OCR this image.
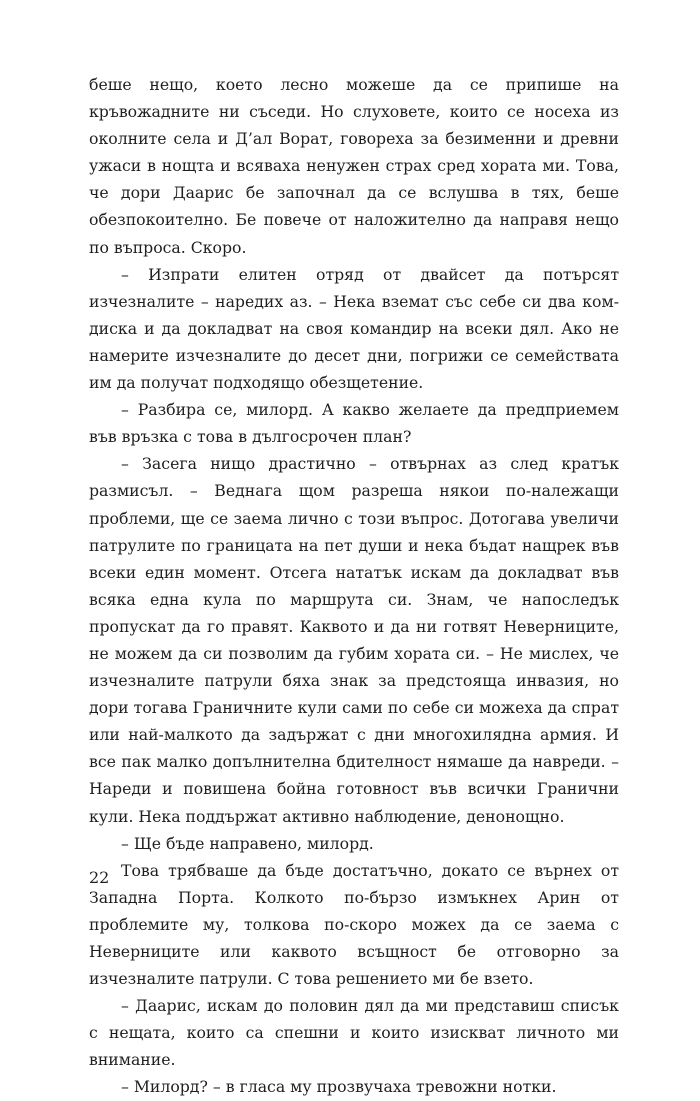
беше нещо, което лесно можеше да се припише на кръвожадните ни съседи. Но слуховете, които се носеха из околните села и Д’ал Ворат, говореха за безименни и древни ужаси в нощта и всяваха ненужен страх сред хората ми. Това, че дори Даарис бе започнал да се вслушва в тях, беше обезпокоително. Бе повече от наложително да направя нещо по въпроса. Скоро.

– Изпрати елитен отряд от двайсет да потърсят изчезналите – наредих аз. – Нека вземат със себе си два ком-диска и да докладват на своя командир на всеки дял. Ако не намерите изчезналите до десет дни, погрижи се семействата им да получат подходящо обезщетение.

– Разбира се, милорд. А какво желаете да предприемем във връзка с това в дългосрочен план?

– Засега нищо драстично – отвърнах аз след кратък размисъл. – Веднага щом разреша някои по-належащи проблеми, ще се заема лично с този въпрос. Дотогава увеличи патрулите по границата на пет души и нека бъдат нащрек във всеки един момент. Отсега нататък искам да докладват във всяка една кула по маршрута си. Знам, че напоследък пропускат да го правят. Каквото и да ни готвят Неверниците, не можем да си позволим да губим хората си. – Не мислех, че изчезналите патрули бяха знак за предстояща инвазия, но дори тогава Граничните кули сами по себе си можеха да спрат или най-малкото да задържат с дни многохилядна армия. И все пак малко допълнителна бдителност нямаше да навреди. – Нареди и повишена бойна готовност във всички Гранични кули. Нека поддържат активно наблюдение, денонощно.

– Ще бъде направено, милорд.

Това трябваше да бъде достатъчно, докато се върнех от Западна Порта. Колкото по-бързо измъкнех Арин от проблемите му, толкова по-скоро можех да се заема с Неверниците или каквото всъщност бе отговорно за изчезналите патрули. С това решението ми бе взето.

– Даарис, искам до половин дял да ми представиш списък с нещата, които са спешни и които изискват личното ми внимание.

– Милорд? – в гласа му прозвучаха тревожни нотки.

22
